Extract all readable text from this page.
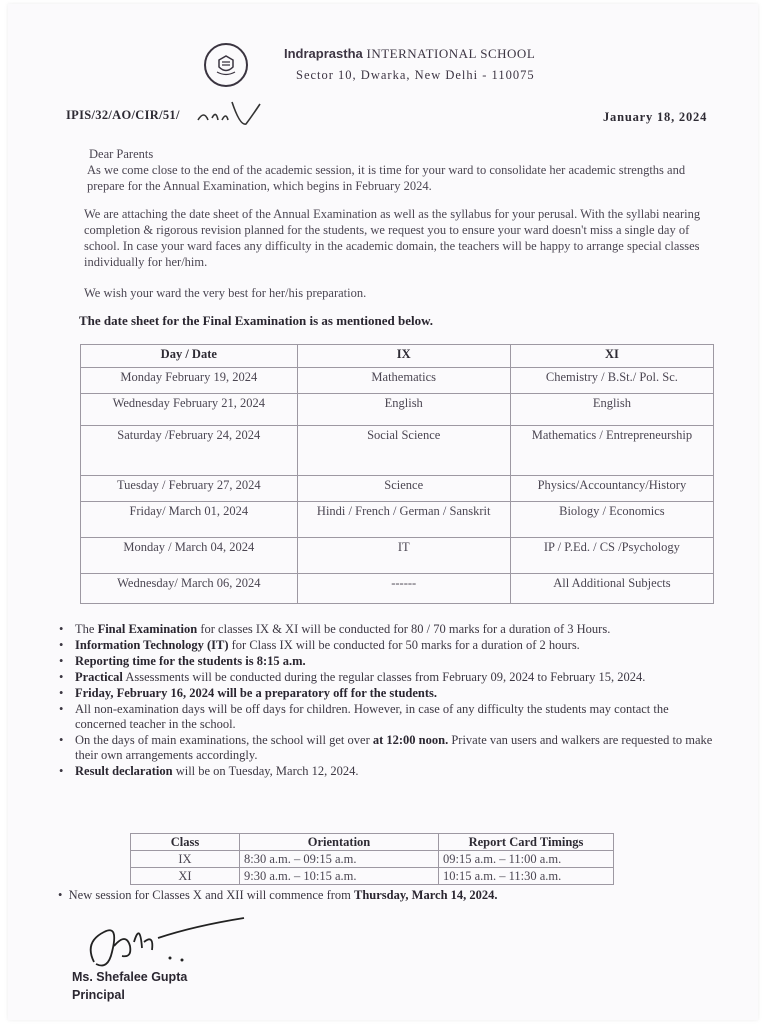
Indraprastha INTERNATIONAL SCHOOL
Sector 10, Dwarka, New Delhi - 110075
IPIS/32/AO/CIR/51/	January 18, 2024
Dear Parents
As we come close to the end of the academic session, it is time for your ward to consolidate her academic strengths and prepare for the Annual Examination, which begins in February 2024.
We are attaching the date sheet of the Annual Examination as well as the syllabus for your perusal. With the syllabi nearing completion & rigorous revision planned for the students, we request you to ensure your ward doesn't miss a single day of school. In case your ward faces any difficulty in the academic domain, the teachers will be happy to arrange special classes individually for her/him.
We wish your ward the very best for her/his preparation.
The date sheet for the Final Examination is as mentioned below.
Day / Date	IX	XI
Monday February 19, 2024	Mathematics	Chemistry / B.St./ Pol. Sc.
Wednesday February 21, 2024	English	English
Saturday /February 24, 2024	Social Science	Mathematics / Entrepreneurship
Tuesday / February 27, 2024	Science	Physics/Accountancy/History
Friday/ March 01, 2024	Hindi / French / German / Sanskrit	Biology / Economics
Monday / March 04, 2024	IT	IP / P.Ed. / CS /Psychology
Wednesday/ March 06, 2024	------	All Additional Subjects
• The Final Examination for classes IX & XI will be conducted for 80 / 70 marks for a duration of 3 Hours.
• Information Technology (IT) for Class IX will be conducted for 50 marks for a duration of 2 hours.
• Reporting time for the students is 8:15 a.m.
• Practical Assessments will be conducted during the regular classes from February 09, 2024 to February 15, 2024.
• Friday, February 16, 2024 will be a preparatory off for the students.
• All non-examination days will be off days for children. However, in case of any difficulty the students may contact the concerned teacher in the school.
• On the days of main examinations, the school will get over at 12:00 noon. Private van users and walkers are requested to make their own arrangements accordingly.
• Result declaration will be on Tuesday, March 12, 2024.
Class	Orientation	Report Card Timings
IX	8:30 a.m. – 09:15 a.m.	09:15 a.m. – 11:00 a.m.
XI	9:30 a.m. – 10:15 a.m.	10:15 a.m. – 11:30 a.m.
•  New session for Classes X and XII will commence from Thursday, March 14, 2024.
Ms. Shefalee Gupta
Principal
